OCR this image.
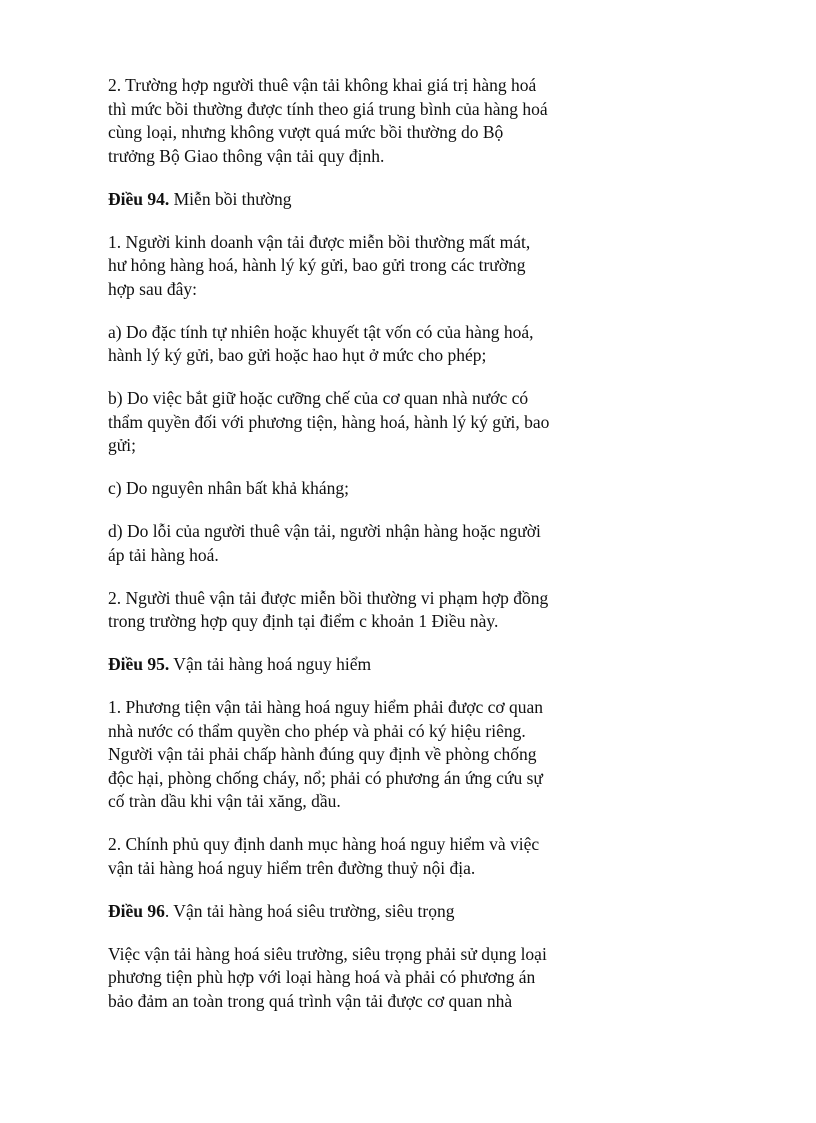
2. Trường hợp người thuê vận tải không khai giá trị hàng hoá
thì mức bồi thường được tính theo giá trung bình của hàng hoá
cùng loại, nhưng không vượt quá mức bồi thường do Bộ
trưởng Bộ Giao thông vận tải quy định.

Điều 94. Miễn bồi thường

1. Người kinh doanh vận tải được miễn bồi thường mất mát,
hư hỏng hàng hoá, hành lý ký gửi, bao gửi trong các trường
hợp sau đây:

a) Do đặc tính tự nhiên hoặc khuyết tật vốn có của hàng hoá,
hành lý ký gửi, bao gửi hoặc hao hụt ở mức cho phép;

b) Do việc bắt giữ hoặc cưỡng chế của cơ quan nhà nước có
thẩm quyền đối với phương tiện, hàng hoá, hành lý ký gửi, bao
gửi;

c) Do nguyên nhân bất khả kháng;

d) Do lỗi của người thuê vận tải, người nhận hàng hoặc người
áp tải hàng hoá.

2. Người thuê vận tải được miễn bồi thường vi phạm hợp đồng
trong trường hợp quy định tại điểm c khoản 1 Điều này.

Điều 95. Vận tải hàng hoá nguy hiểm

1. Phương tiện vận tải hàng hoá nguy hiểm phải được cơ quan
nhà nước có thẩm quyền cho phép và phải có ký hiệu riêng.
Người vận tải phải chấp hành đúng quy định về phòng chống
độc hại, phòng chống cháy, nổ; phải có phương án ứng cứu sự
cố tràn dầu khi vận tải xăng, dầu.

2. Chính phủ quy định danh mục hàng hoá nguy hiểm và việc
vận tải hàng hoá nguy hiểm trên đường thuỷ nội địa.

Điều 96. Vận tải hàng hoá siêu trường, siêu trọng

Việc vận tải hàng hoá siêu trường, siêu trọng phải sử dụng loại
phương tiện phù hợp với loại hàng hoá và phải có phương án
bảo đảm an toàn trong quá trình vận tải được cơ quan nhà
